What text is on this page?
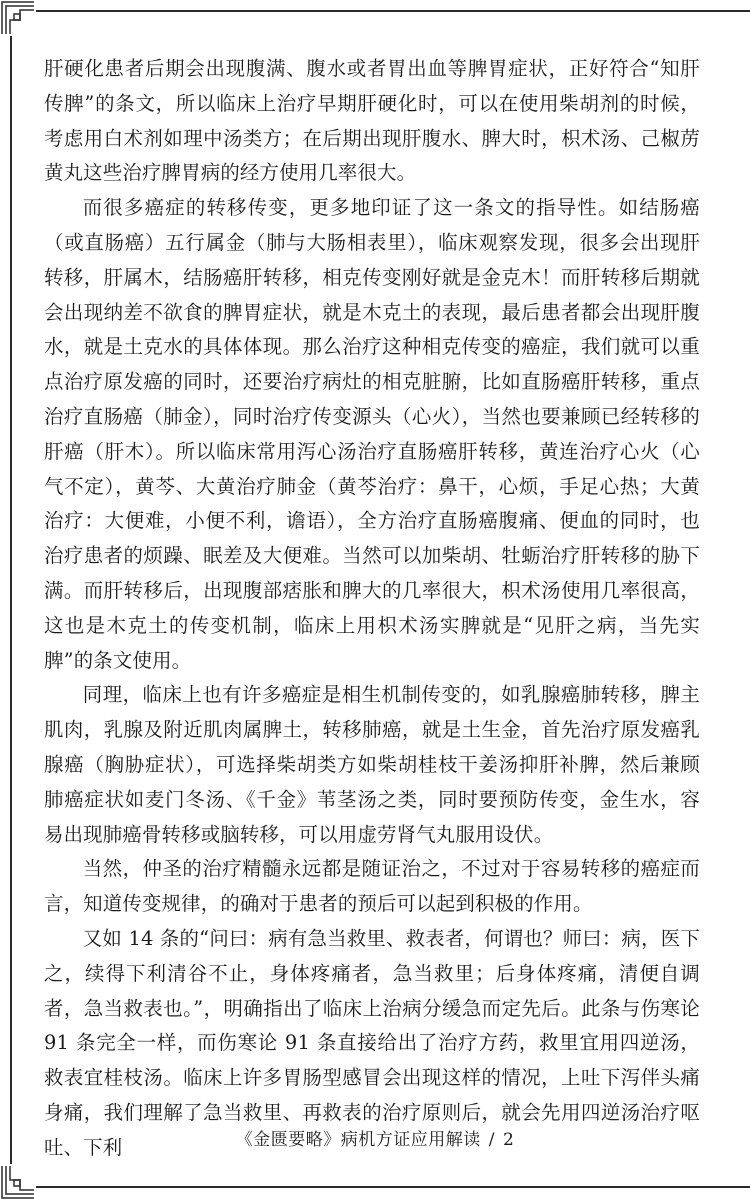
肝硬化患者后期会出现腹满、腹水或者胃出血等脾胃症状，正好符合“知肝传脾”的条文，所以临床上治疗早期肝硬化时，可以在使用柴胡剂的时候，考虑用白术剂如理中汤类方；在后期出现肝腹水、脾大时，枳术汤、己椒苈黄丸这些治疗脾胃病的经方使用几率很大。

而很多癌症的转移传变，更多地印证了这一条文的指导性。如结肠癌（或直肠癌）五行属金（肺与大肠相表里），临床观察发现，很多会出现肝转移，肝属木，结肠癌肝转移，相克传变刚好就是金克木！而肝转移后期就会出现纳差不欲食的脾胃症状，就是木克土的表现，最后患者都会出现肝腹水，就是土克水的具体体现。那么治疗这种相克传变的癌症，我们就可以重点治疗原发癌的同时，还要治疗病灶的相克脏腑，比如直肠癌肝转移，重点治疗直肠癌（肺金），同时治疗传变源头（心火），当然也要兼顾已经转移的肝癌（肝木）。所以临床常用泻心汤治疗直肠癌肝转移，黄连治疗心火（心气不定），黄芩、大黄治疗肺金（黄芩治疗：鼻干，心烦，手足心热；大黄治疗：大便难，小便不利，谵语），全方治疗直肠癌腹痛、便血的同时，也治疗患者的烦躁、眠差及大便难。当然可以加柴胡、牡蛎治疗肝转移的胁下满。而肝转移后，出现腹部痞胀和脾大的几率很大，枳术汤使用几率很高，这也是木克土的传变机制，临床上用枳术汤实脾就是“见肝之病，当先实脾”的条文使用。

同理，临床上也有许多癌症是相生机制传变的，如乳腺癌肺转移，脾主肌肉，乳腺及附近肌肉属脾土，转移肺癌，就是土生金，首先治疗原发癌乳腺癌（胸胁症状），可选择柴胡类方如柴胡桂枝干姜汤抑肝补脾，然后兼顾肺癌症状如麦门冬汤、《千金》苇茎汤之类，同时要预防传变，金生水，容易出现肺癌骨转移或脑转移，可以用虚劳肾气丸服用设伏。

当然，仲圣的治疗精髓永远都是随证治之，不过对于容易转移的癌症而言，知道传变规律，的确对于患者的预后可以起到积极的作用。

又如 14 条的“问曰：病有急当救里、救表者，何谓也？师曰：病，医下之，续得下利清谷不止，身体疼痛者，急当救里；后身体疼痛，清便自调者，急当救表也。”，明确指出了临床上治病分缓急而定先后。此条与伤寒论 91 条完全一样，而伤寒论 91 条直接给出了治疗方药，救里宜用四逆汤，救表宜桂枝汤。临床上许多胃肠型感冒会出现这样的情况，上吐下泻伴头痛身痛，我们理解了急当救里、再救表的治疗原则后，就会先用四逆汤治疗呕吐、下利	《金匮要略》病机方证应用解读 / 2
